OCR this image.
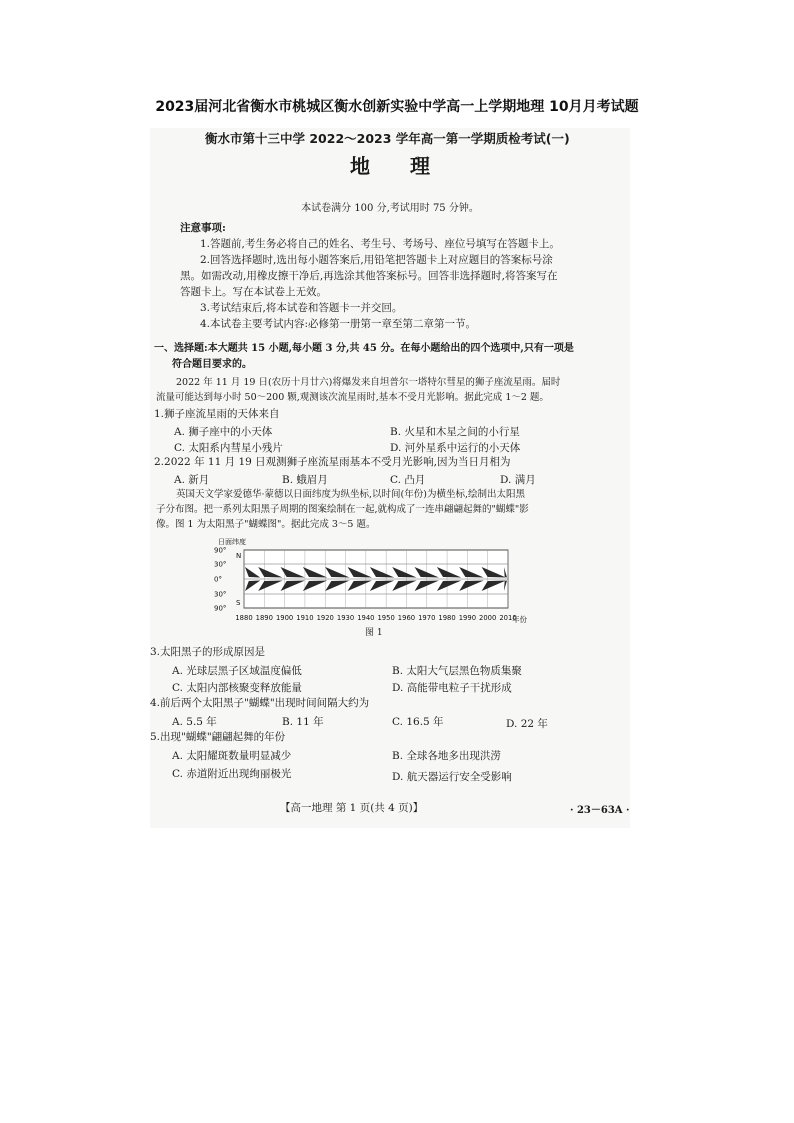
2023届河北省衡水市桃城区衡水创新实验中学高一上学期地理 10月月考试题
衡水市第十三中学 2022～2023 学年高一第一学期质检考试(一)
地理
本试卷满分 100 分,考试用时 75 分钟。
注意事项:
1.答题前,考生务必将自己的姓名、考生号、考场号、座位号填写在答题卡上。
2.回答选择题时,选出每小题答案后,用铅笔把答题卡上对应题目的答案标号涂
黑。如需改动,用橡皮擦干净后,再选涂其他答案标号。回答非选择题时,将答案写在
答题卡上。写在本试卷上无效。
3.考试结束后,将本试卷和答题卡一并交回。
4.本试卷主要考试内容:必修第一册第一章至第二章第一节。
一、选择题:本大题共 15 小题,每小题 3 分,共 45 分。在每小题给出的四个选项中,只有一项是
符合题目要求的。
2022 年 11 月 19 日(农历十月廿六)将爆发来自坦普尔一塔特尔彗星的狮子座流星雨。届时
流量可能达到每小时 50～200 颗,观测该次流星雨时,基本不受月光影响。据此完成 1～2 题。
1.狮子座流星雨的天体来自
A. 狮子座中的小天体	B. 火星和木星之间的小行星
C. 太阳系内彗星小残片	D. 河外星系中运行的小天体
2.2022 年 11 月 19 日观测狮子座流星雨基本不受月光影响,因为当日月相为
A. 新月	B. 蛾眉月	C. 凸月	D. 满月
英国天文学家爱德华·蒙德以日面纬度为纵坐标,以时间(年份)为横坐标,绘制出太阳黑
子分布图。把一系列太阳黑子周期的图案绘制在一起,就构成了一连串翩翩起舞的"蝴蝶"影
像。图 1 为太阳黑子"蝴蝶图"。据此完成 3～5 题。
日面纬度
90°
30°
0°
30°
90°
N
S
1880 1890 1900 1910 1920 1930 1940 1950 1960 1970 1980 1990 2000 2010
年份
图 1
3.太阳黑子的形成原因是
A. 光球层黑子区域温度偏低	B. 太阳大气层黑色物质集聚
C. 太阳内部核聚变释放能量	D. 高能带电粒子干扰形成
4.前后两个太阳黑子"蝴蝶"出现时间间隔大约为
A. 5.5 年	B. 11 年	C. 16.5 年	D. 22 年
5.出现"蝴蝶"翩翩起舞的年份
A. 太阳耀斑数量明显减少	B. 全球各地多出现洪涝
C. 赤道附近出现绚丽极光	D. 航天器运行安全受影响
【高一地理 第 1 页(共 4 页)】	· 23－63A ·
